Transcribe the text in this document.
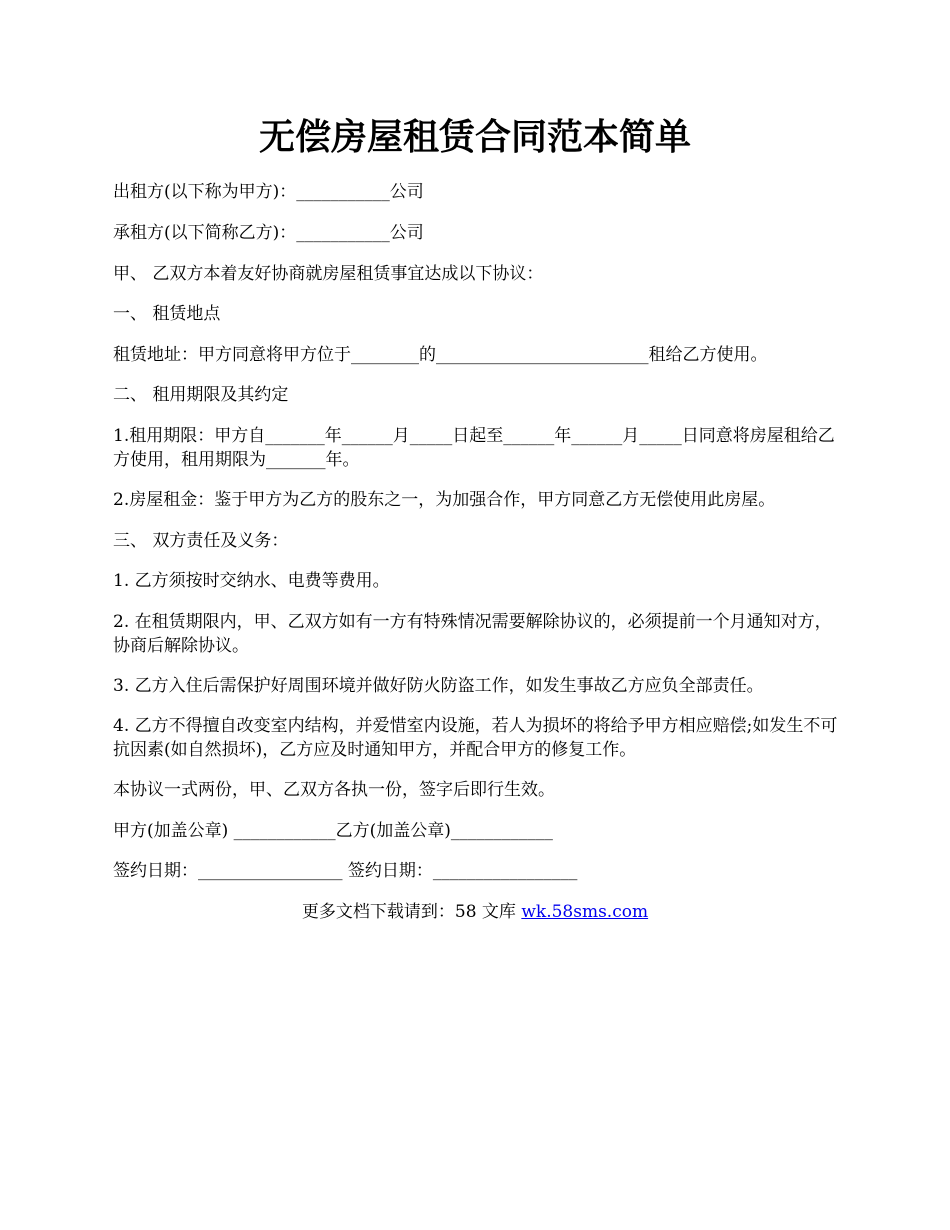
无偿房屋租赁合同范本简单

出租方(以下称为甲方)：___________公司

承租方(以下简称乙方)：___________公司

甲、 乙双方本着友好协商就房屋租赁事宜达成以下协议：

一、 租赁地点

租赁地址：甲方同意将甲方位于________的_________________________租给乙方使用。

二、 租用期限及其约定

1.租用期限：甲方自_______年______月_____日起至______年______月_____日同意将房屋租给乙方使用，租用期限为_______年。

2.房屋租金：鉴于甲方为乙方的股东之一，为加强合作，甲方同意乙方无偿使用此房屋。

三、 双方责任及义务：

1. 乙方须按时交纳水、电费等费用。

2. 在租赁期限内，甲、乙双方如有一方有特殊情况需要解除协议的，必须提前一个月通知对方，协商后解除协议。

3. 乙方入住后需保护好周围环境并做好防火防盗工作，如发生事故乙方应负全部责任。

4. 乙方不得擅自改变室内结构，并爱惜室内设施，若人为损坏的将给予甲方相应赔偿;如发生不可抗因素(如自然损坏)，乙方应及时通知甲方，并配合甲方的修复工作。

本协议一式两份，甲、乙双方各执一份，签字后即行生效。

甲方(加盖公章) ____________乙方(加盖公章)____________

签约日期：_________________ 签约日期：_________________

更多文档下载请到：58 文库 wk.58sms.com
